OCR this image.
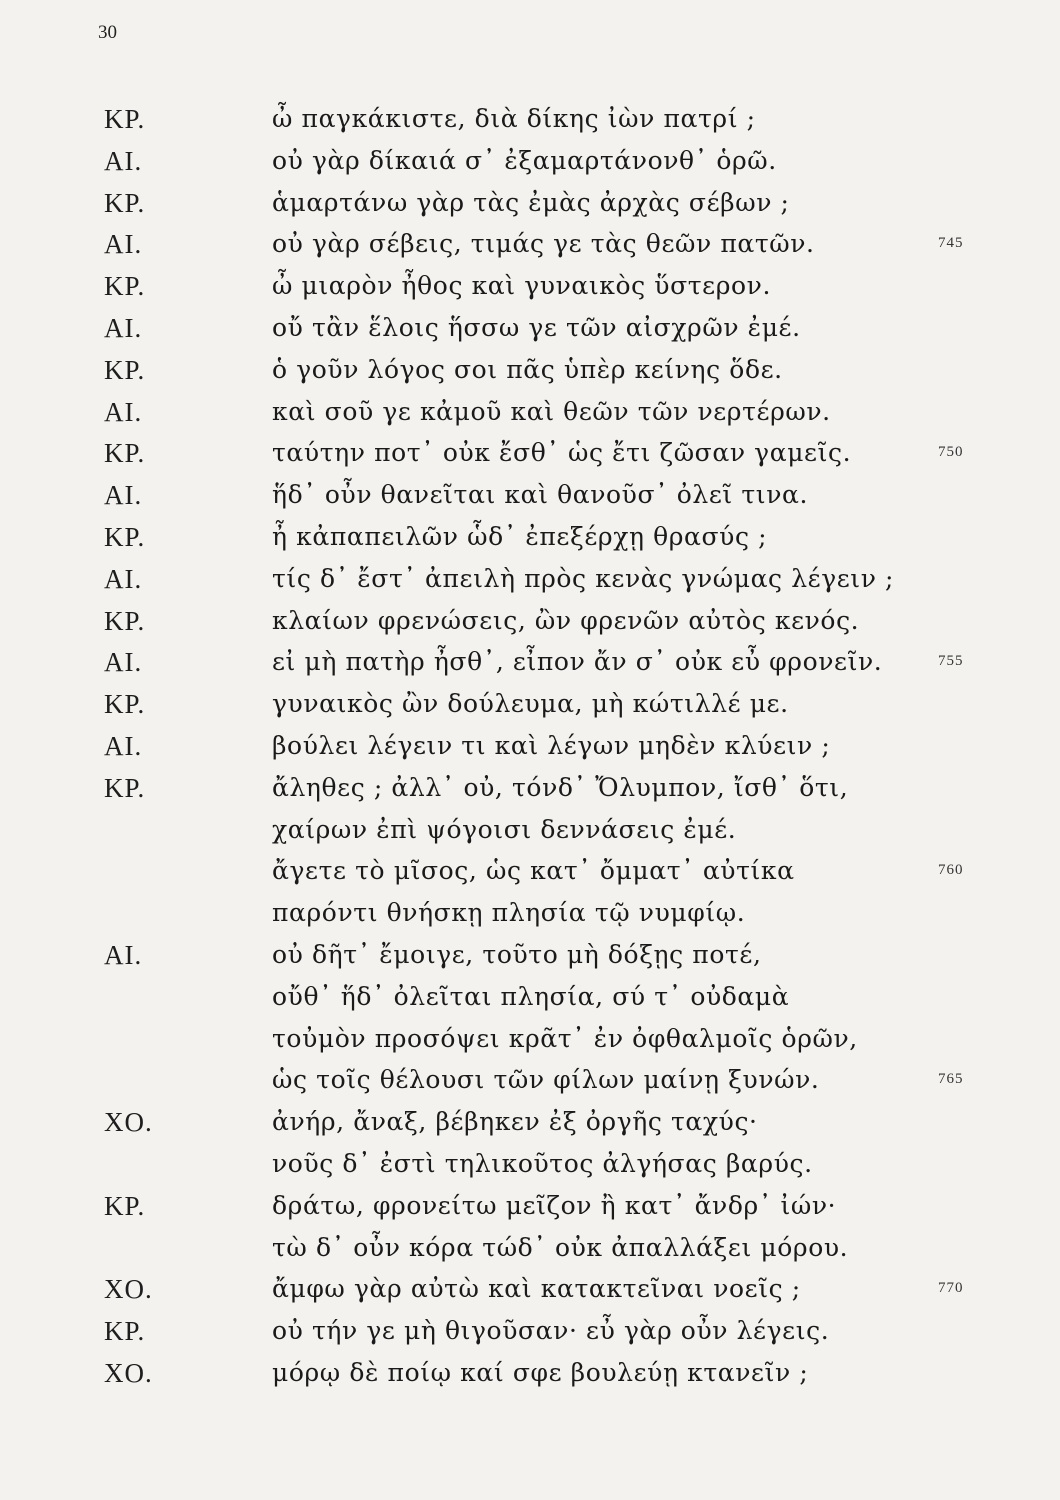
30
ΚΡ.	ὦ παγκάκιστε, διὰ δίκης ἰὼν πατρί ;
ΑΙ.	οὐ γὰρ δίκαιά σ᾽ ἐξαμαρτάνονθ᾽ ὁρῶ.
ΚΡ.	ἁμαρτάνω γὰρ τὰς ἐμὰς ἀρχὰς σέβων ;
ΑΙ.	οὐ γὰρ σέβεις, τιμάς γε τὰς θεῶν πατῶν.	745
ΚΡ.	ὦ μιαρὸν ἦθος καὶ γυναικὸς ὕστερον.
ΑΙ.	οὔ τἂν ἕλοις ἥσσω γε τῶν αἰσχρῶν ἐμέ.
ΚΡ.	ὁ γοῦν λόγος σοι πᾶς ὑπὲρ κείνης ὅδε.
ΑΙ.	καὶ σοῦ γε κἀμοῦ καὶ θεῶν τῶν νερτέρων.
ΚΡ.	ταύτην ποτ᾽ οὐκ ἔσθ᾽ ὡς ἔτι ζῶσαν γαμεῖς.	750
ΑΙ.	ἥδ᾽ οὖν θανεῖται καὶ θανοῦσ᾽ ὀλεῖ τινα.
ΚΡ.	ἦ κἀπαπειλῶν ὧδ᾽ ἐπεξέρχῃ θρασύς ;
ΑΙ.	τίς δ᾽ ἔστ᾽ ἀπειλὴ πρὸς κενὰς γνώμας λέγειν ;
ΚΡ.	κλαίων φρενώσεις, ὢν φρενῶν αὐτὸς κενός.
ΑΙ.	εἰ μὴ πατὴρ ἦσθ᾽, εἶπον ἄν σ᾽ οὐκ εὖ φρονεῖν.	755
ΚΡ.	γυναικὸς ὢν δούλευμα, μὴ κώτιλλέ με.
ΑΙ.	βούλει λέγειν τι καὶ λέγων μηδὲν κλύειν ;
ΚΡ.	ἄληθες ; ἀλλ᾽ οὐ, τόνδ᾽ Ὄλυμπον, ἴσθ᾽ ὅτι,
χαίρων ἐπὶ ψόγοισι δεννάσεις ἐμέ.
ἄγετε τὸ μῖσος, ὡς κατ᾽ ὄμματ᾽ αὐτίκα	760
παρόντι θνήσκῃ πλησία τῷ νυμφίῳ.
ΑΙ.	οὐ δῆτ᾽ ἔμοιγε, τοῦτο μὴ δόξῃς ποτέ,
οὔθ᾽ ἥδ᾽ ὀλεῖται πλησία, σύ τ᾽ οὐδαμὰ
τοὐμὸν προσόψει κρᾶτ᾽ ἐν ὀφθαλμοῖς ὁρῶν,
ὡς τοῖς θέλουσι τῶν φίλων μαίνῃ ξυνών.	765
ΧΟ.	ἀνήρ, ἄναξ, βέβηκεν ἐξ ὀργῆς ταχύς·
νοῦς δ᾽ ἐστὶ τηλικοῦτος ἀλγήσας βαρύς.
ΚΡ.	δράτω, φρονείτω μεῖζον ἢ κατ᾽ ἄνδρ᾽ ἰών·
τὼ δ᾽ οὖν κόρα τώδ᾽ οὐκ ἀπαλλάξει μόρου.
ΧΟ.	ἄμφω γὰρ αὐτὼ καὶ κατακτεῖναι νοεῖς ;	770
ΚΡ.	οὐ τήν γε μὴ θιγοῦσαν· εὖ γὰρ οὖν λέγεις.
ΧΟ.	μόρῳ δὲ ποίῳ καί σφε βουλεύῃ κτανεῖν ;
